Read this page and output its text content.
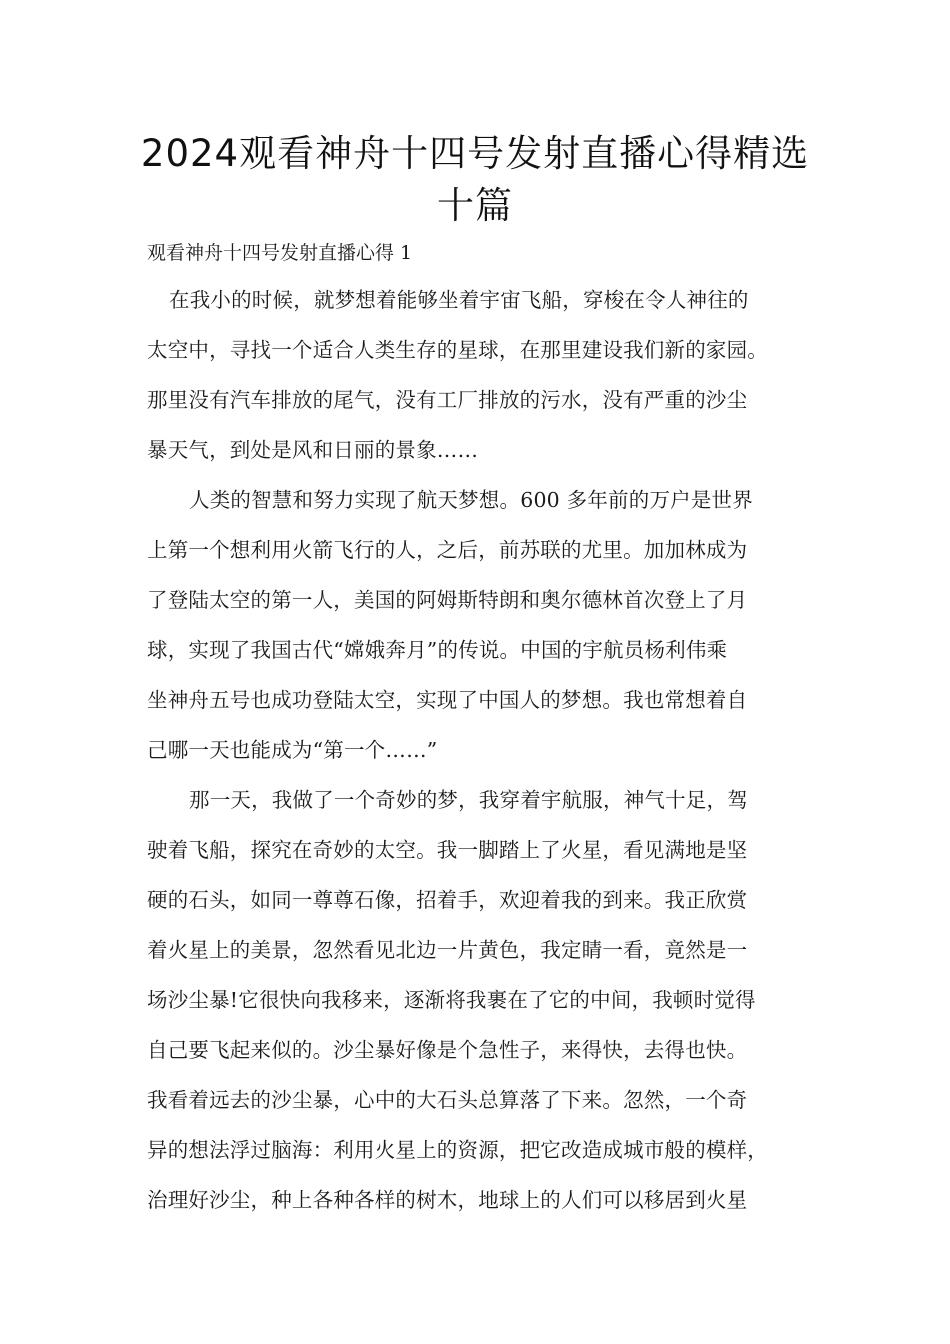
2024观看神舟十四号发射直播心得精选
十篇
观看神舟十四号发射直播心得 1
在我小的时候，就梦想着能够坐着宇宙飞船，穿梭在令人神往的
太空中，寻找一个适合人类生存的星球，在那里建设我们新的家园。
那里没有汽车排放的尾气，没有工厂排放的污水，没有严重的沙尘
暴天气，到处是风和日丽的景象……
人类的智慧和努力实现了航天梦想。600 多年前的万户是世界
上第一个想利用火箭飞行的人，之后，前苏联的尤里。加加林成为
了登陆太空的第一人，美国的阿姆斯特朗和奥尔德林首次登上了月
球，实现了我国古代“嫦娥奔月”的传说。中国的宇航员杨利伟乘
坐神舟五号也成功登陆太空，实现了中国人的梦想。我也常想着自
己哪一天也能成为“第一个……”
那一天，我做了一个奇妙的梦，我穿着宇航服，神气十足，驾
驶着飞船，探究在奇妙的太空。我一脚踏上了火星，看见满地是坚
硬的石头，如同一尊尊石像，招着手，欢迎着我的到来。我正欣赏
着火星上的美景，忽然看见北边一片黄色，我定睛一看，竟然是一
场沙尘暴!它很快向我移来，逐渐将我裹在了它的中间，我顿时觉得
自己要飞起来似的。沙尘暴好像是个急性子，来得快，去得也快。
我看着远去的沙尘暴，心中的大石头总算落了下来。忽然，一个奇
异的想法浮过脑海：利用火星上的资源，把它改造成城市般的模样，
治理好沙尘，种上各种各样的树木，地球上的人们可以移居到火星
